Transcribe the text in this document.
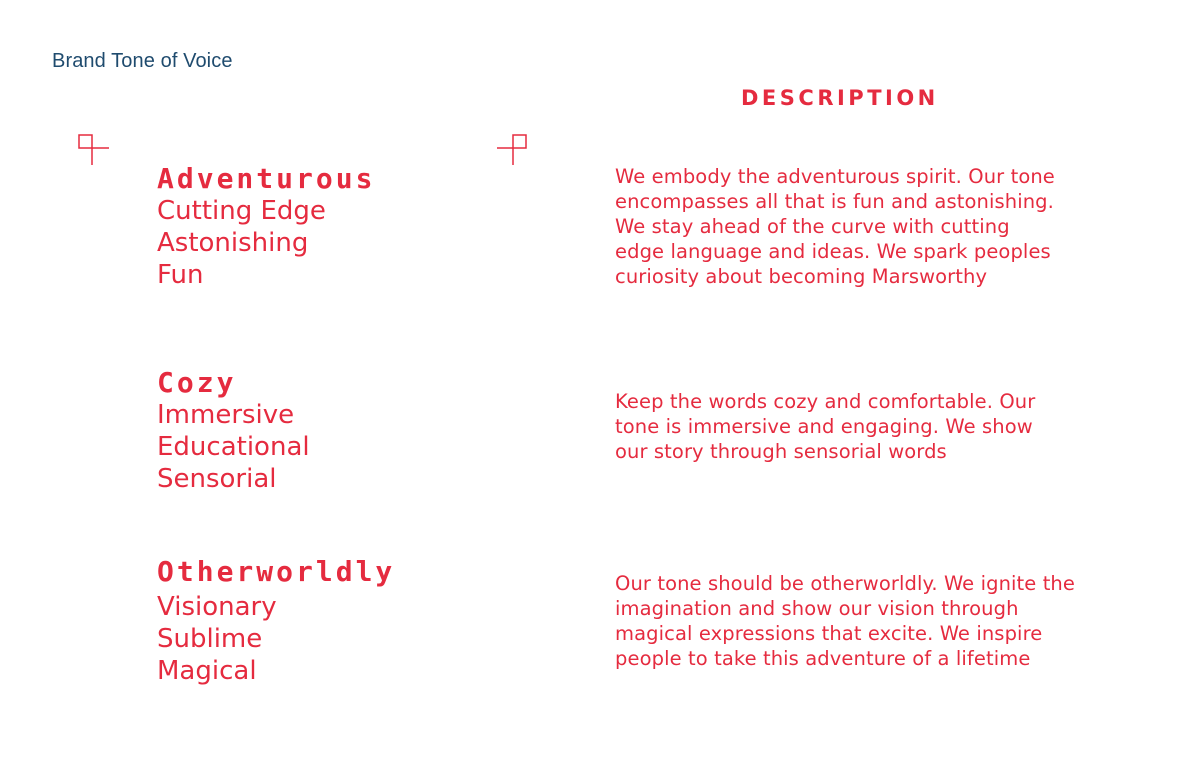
Brand Tone of Voice
DESCRIPTION
Adventurous
Cutting Edge
Astonishing
Fun
We embody the adventurous spirit. Our tone
encompasses all that is fun and astonishing.
We stay ahead of the curve with cutting
edge language and ideas. We spark peoples
curiosity about becoming Marsworthy
Cozy
Immersive
Educational
Sensorial
Keep the words cozy and comfortable. Our
tone is immersive and engaging. We show
our story through sensorial words
Otherworldly
Visionary
Sublime
Magical
Our tone should be otherworldly. We ignite the
imagination and show our vision through
magical expressions that excite. We inspire
people to take this adventure of a lifetime
